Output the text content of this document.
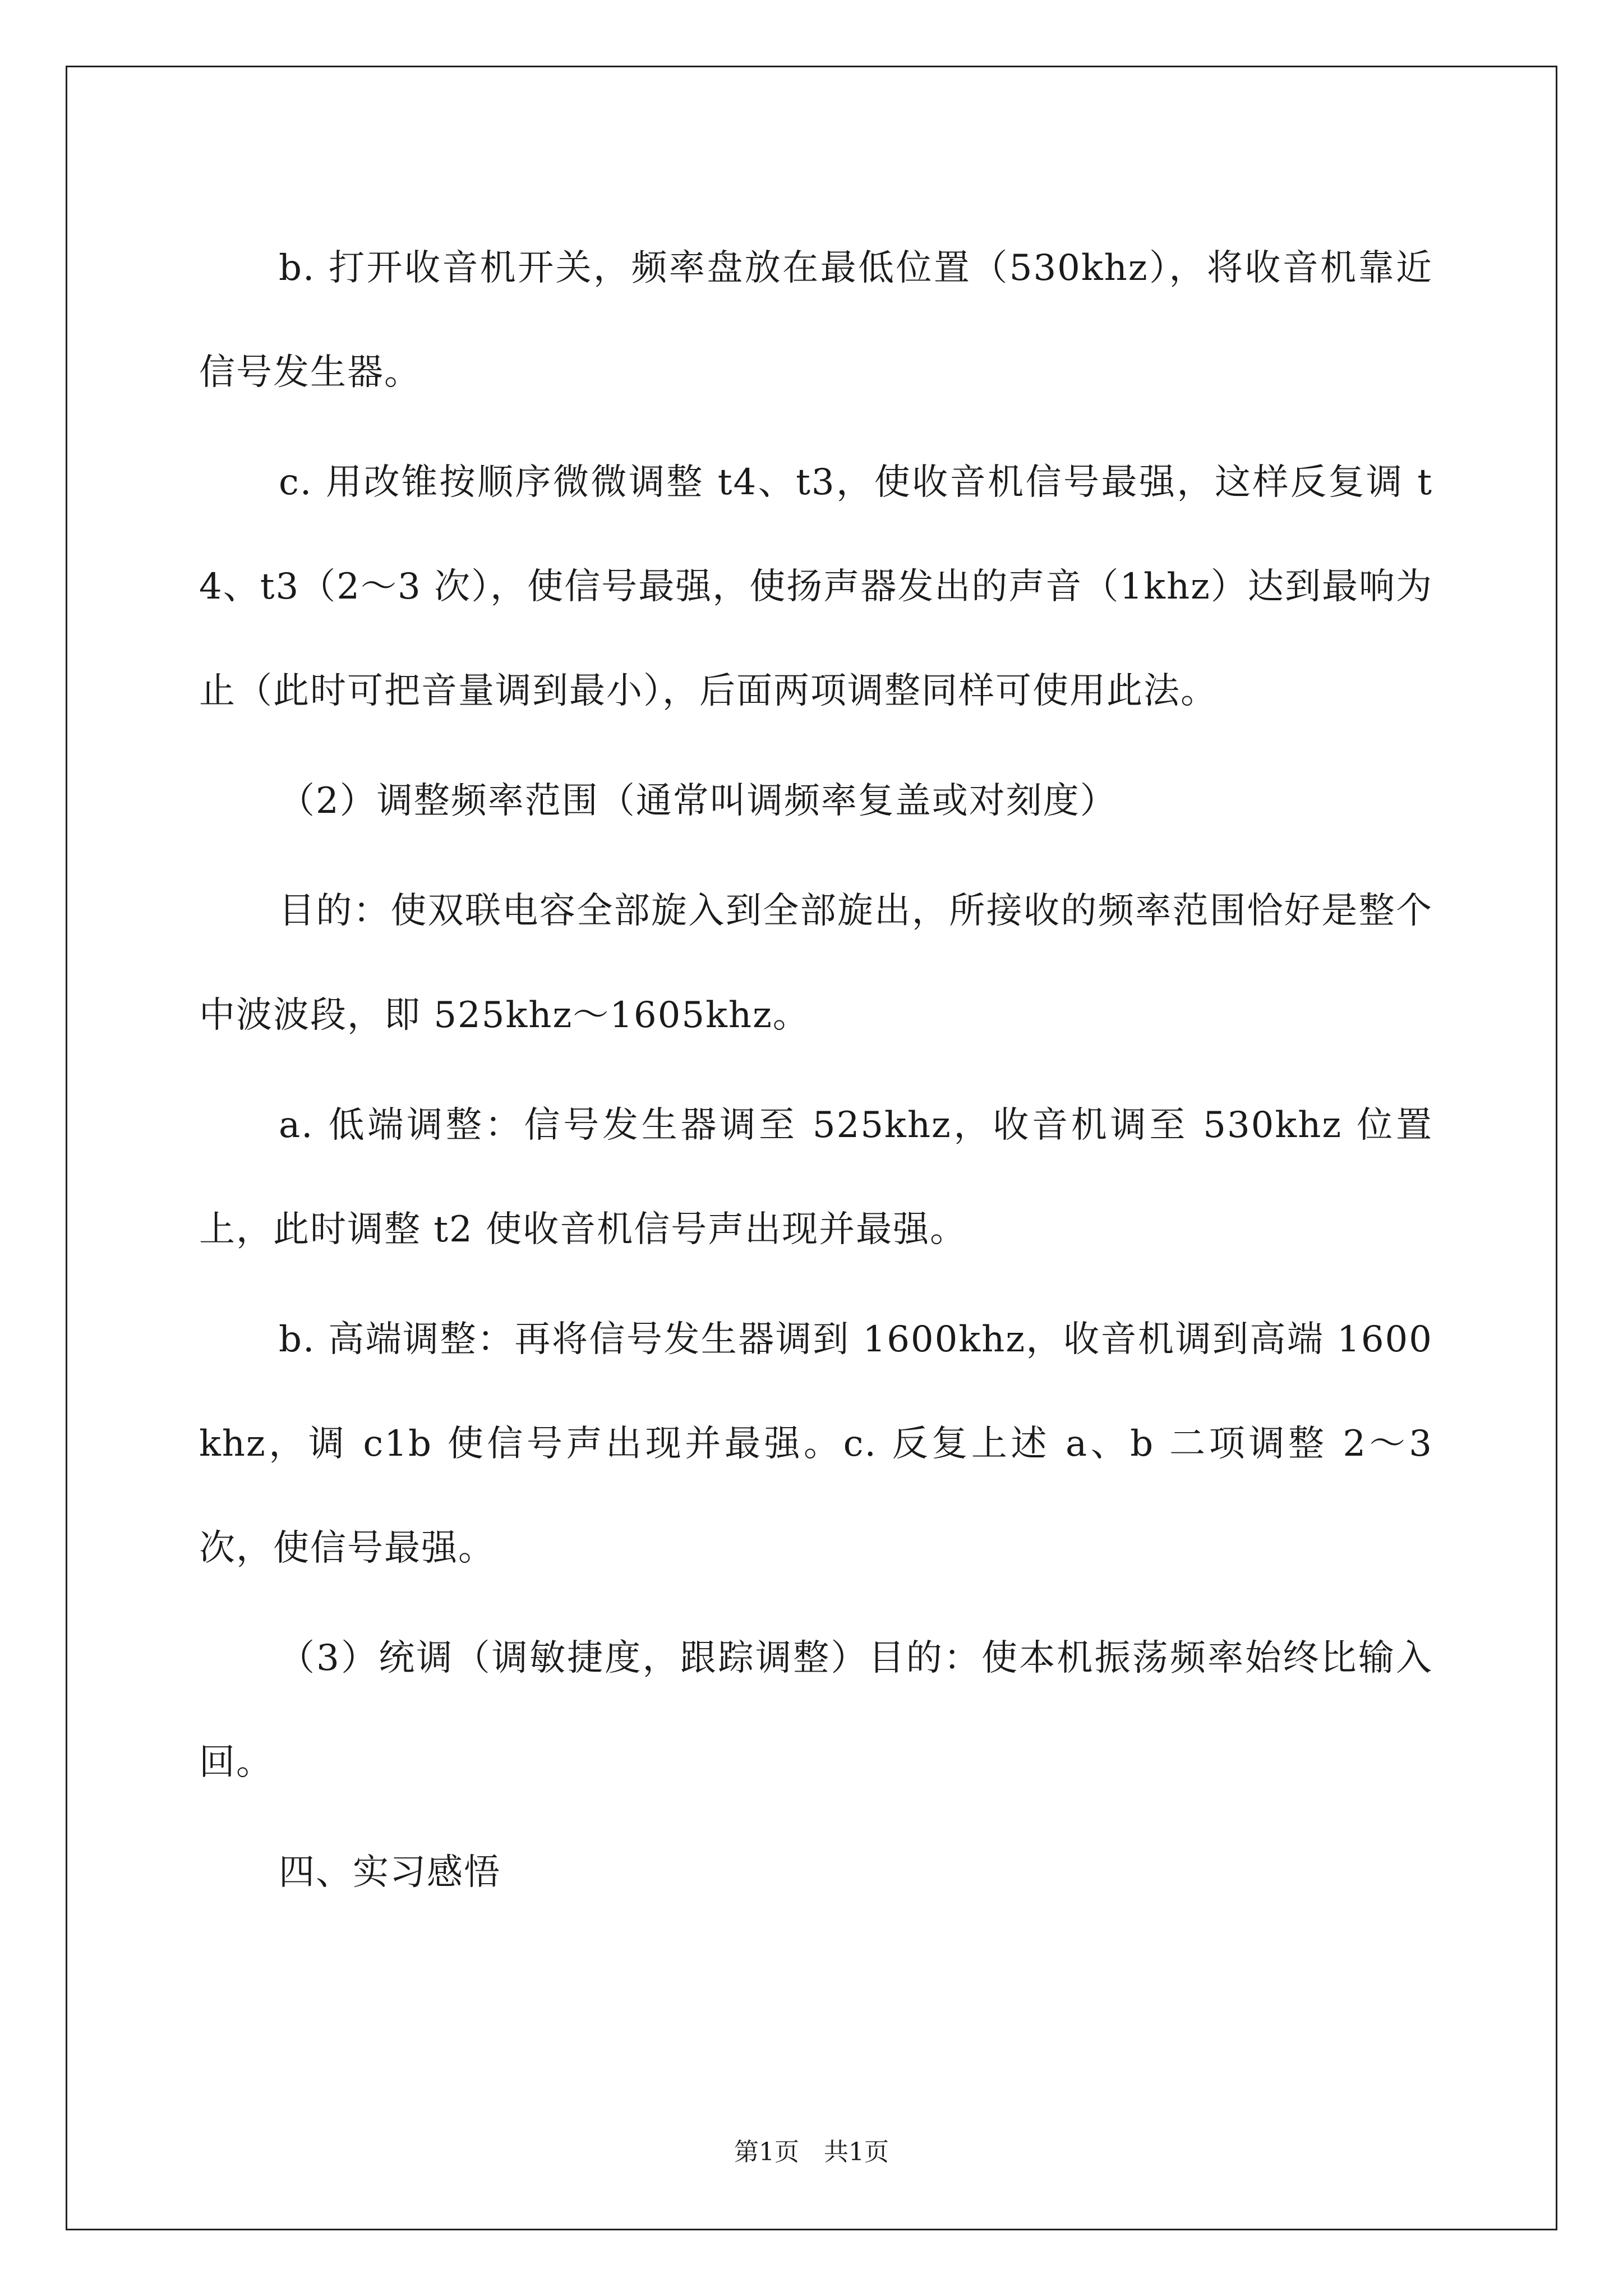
b. 打开收音机开关，频率盘放在最低位置（530khz），将收音机靠近信号发生器。

c. 用改锥按顺序微微调整 t4、t3，使收音机信号最强，这样反复调 t4、t3（2～3 次），使信号最强，使扬声器发出的声音（1khz）达到最响为止（此时可把音量调到最小），后面两项调整同样可使用此法。

（2）调整频率范围（通常叫调频率复盖或对刻度）

目的：使双联电容全部旋入到全部旋出，所接收的频率范围恰好是整个中波波段，即 525khz～1605khz。

a. 低端调整：信号发生器调至 525khz，收音机调至 530khz 位置上，此时调整 t2 使收音机信号声出现并最强。

b. 高端调整：再将信号发生器调到 1600khz，收音机调到高端 1600khz，调 c1b 使信号声出现并最强。c. 反复上述 a、b 二项调整 2～3 次，使信号最强。

（3）统调（调敏捷度，跟踪调整）目的：使本机振荡频率始终比输入回。

四、实习感悟

第1页 共1页
